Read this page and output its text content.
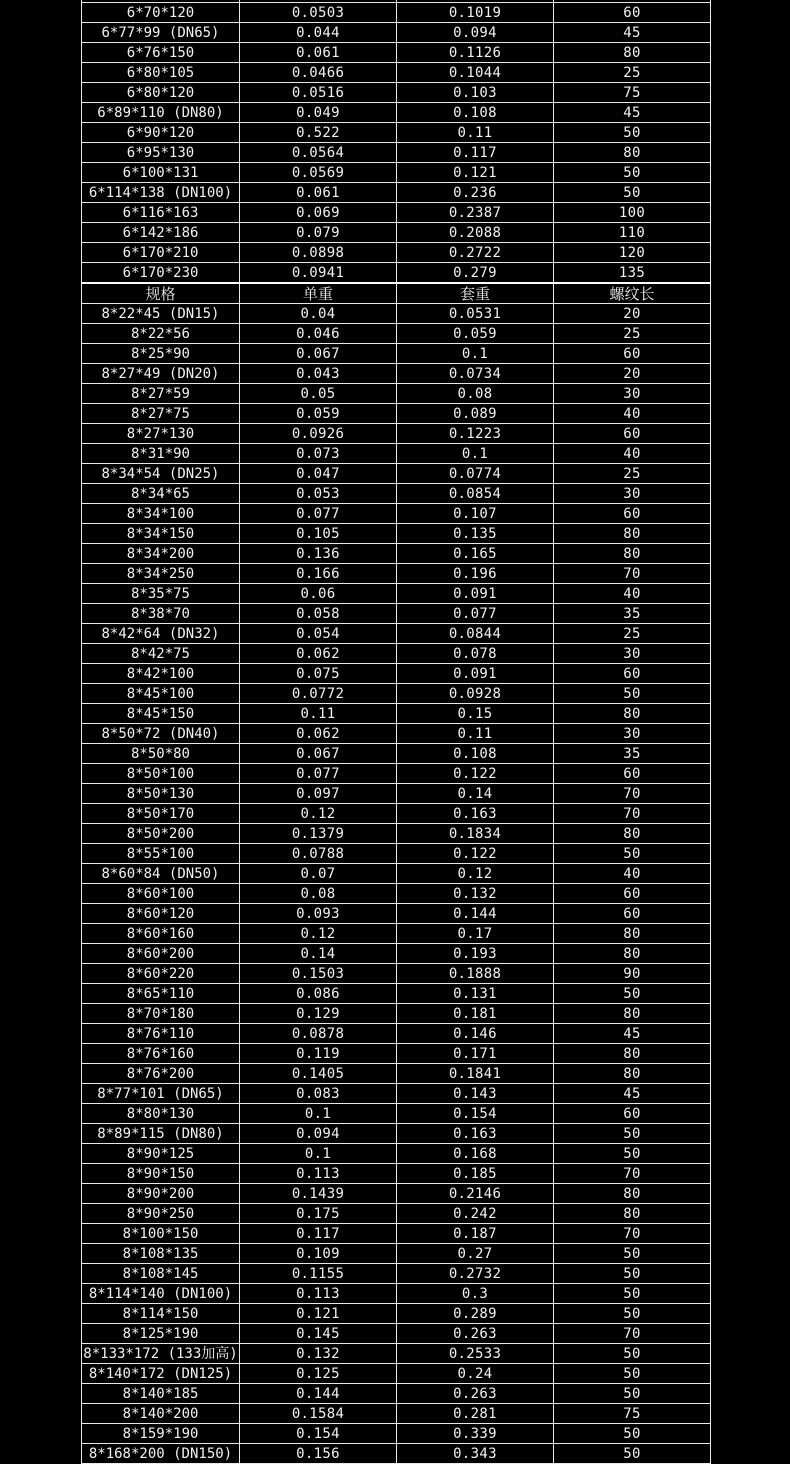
6*70*120	0.0503	0.1019	60
6*77*99 (DN65)	0.044	0.094	45
6*76*150	0.061	0.1126	80
6*80*105	0.0466	0.1044	25
6*80*120	0.0516	0.103	75
6*89*110 (DN80)	0.049	0.108	45
6*90*120	0.522	0.11	50
6*95*130	0.0564	0.117	80
6*100*131	0.0569	0.121	50
6*114*138 (DN100)	0.061	0.236	50
6*116*163	0.069	0.2387	100
6*142*186	0.079	0.2088	110
6*170*210	0.0898	0.2722	120
6*170*230	0.0941	0.279	135
规格	单重	套重	螺纹长
8*22*45 (DN15)	0.04	0.0531	20
8*22*56	0.046	0.059	25
8*25*90	0.067	0.1	60
8*27*49 (DN20)	0.043	0.0734	20
8*27*59	0.05	0.08	30
8*27*75	0.059	0.089	40
8*27*130	0.0926	0.1223	60
8*31*90	0.073	0.1	40
8*34*54 (DN25)	0.047	0.0774	25
8*34*65	0.053	0.0854	30
8*34*100	0.077	0.107	60
8*34*150	0.105	0.135	80
8*34*200	0.136	0.165	80
8*34*250	0.166	0.196	70
8*35*75	0.06	0.091	40
8*38*70	0.058	0.077	35
8*42*64 (DN32)	0.054	0.0844	25
8*42*75	0.062	0.078	30
8*42*100	0.075	0.091	60
8*45*100	0.0772	0.0928	50
8*45*150	0.11	0.15	80
8*50*72 (DN40)	0.062	0.11	30
8*50*80	0.067	0.108	35
8*50*100	0.077	0.122	60
8*50*130	0.097	0.14	70
8*50*170	0.12	0.163	70
8*50*200	0.1379	0.1834	80
8*55*100	0.0788	0.122	50
8*60*84 (DN50)	0.07	0.12	40
8*60*100	0.08	0.132	60
8*60*120	0.093	0.144	60
8*60*160	0.12	0.17	80
8*60*200	0.14	0.193	80
8*60*220	0.1503	0.1888	90
8*65*110	0.086	0.131	50
8*70*180	0.129	0.181	80
8*76*110	0.0878	0.146	45
8*76*160	0.119	0.171	80
8*76*200	0.1405	0.1841	80
8*77*101 (DN65)	0.083	0.143	45
8*80*130	0.1	0.154	60
8*89*115 (DN80)	0.094	0.163	50
8*90*125	0.1	0.168	50
8*90*150	0.113	0.185	70
8*90*200	0.1439	0.2146	80
8*90*250	0.175	0.242	80
8*100*150	0.117	0.187	70
8*108*135	0.109	0.27	50
8*108*145	0.1155	0.2732	50
8*114*140 (DN100)	0.113	0.3	50
8*114*150	0.121	0.289	50
8*125*190	0.145	0.263	70
8*133*172 (133加高)	0.132	0.2533	50
8*140*172 (DN125)	0.125	0.24	50
8*140*185	0.144	0.263	50
8*140*200	0.1584	0.281	75
8*159*190	0.154	0.339	50
8*168*200 (DN150)	0.156	0.343	50
